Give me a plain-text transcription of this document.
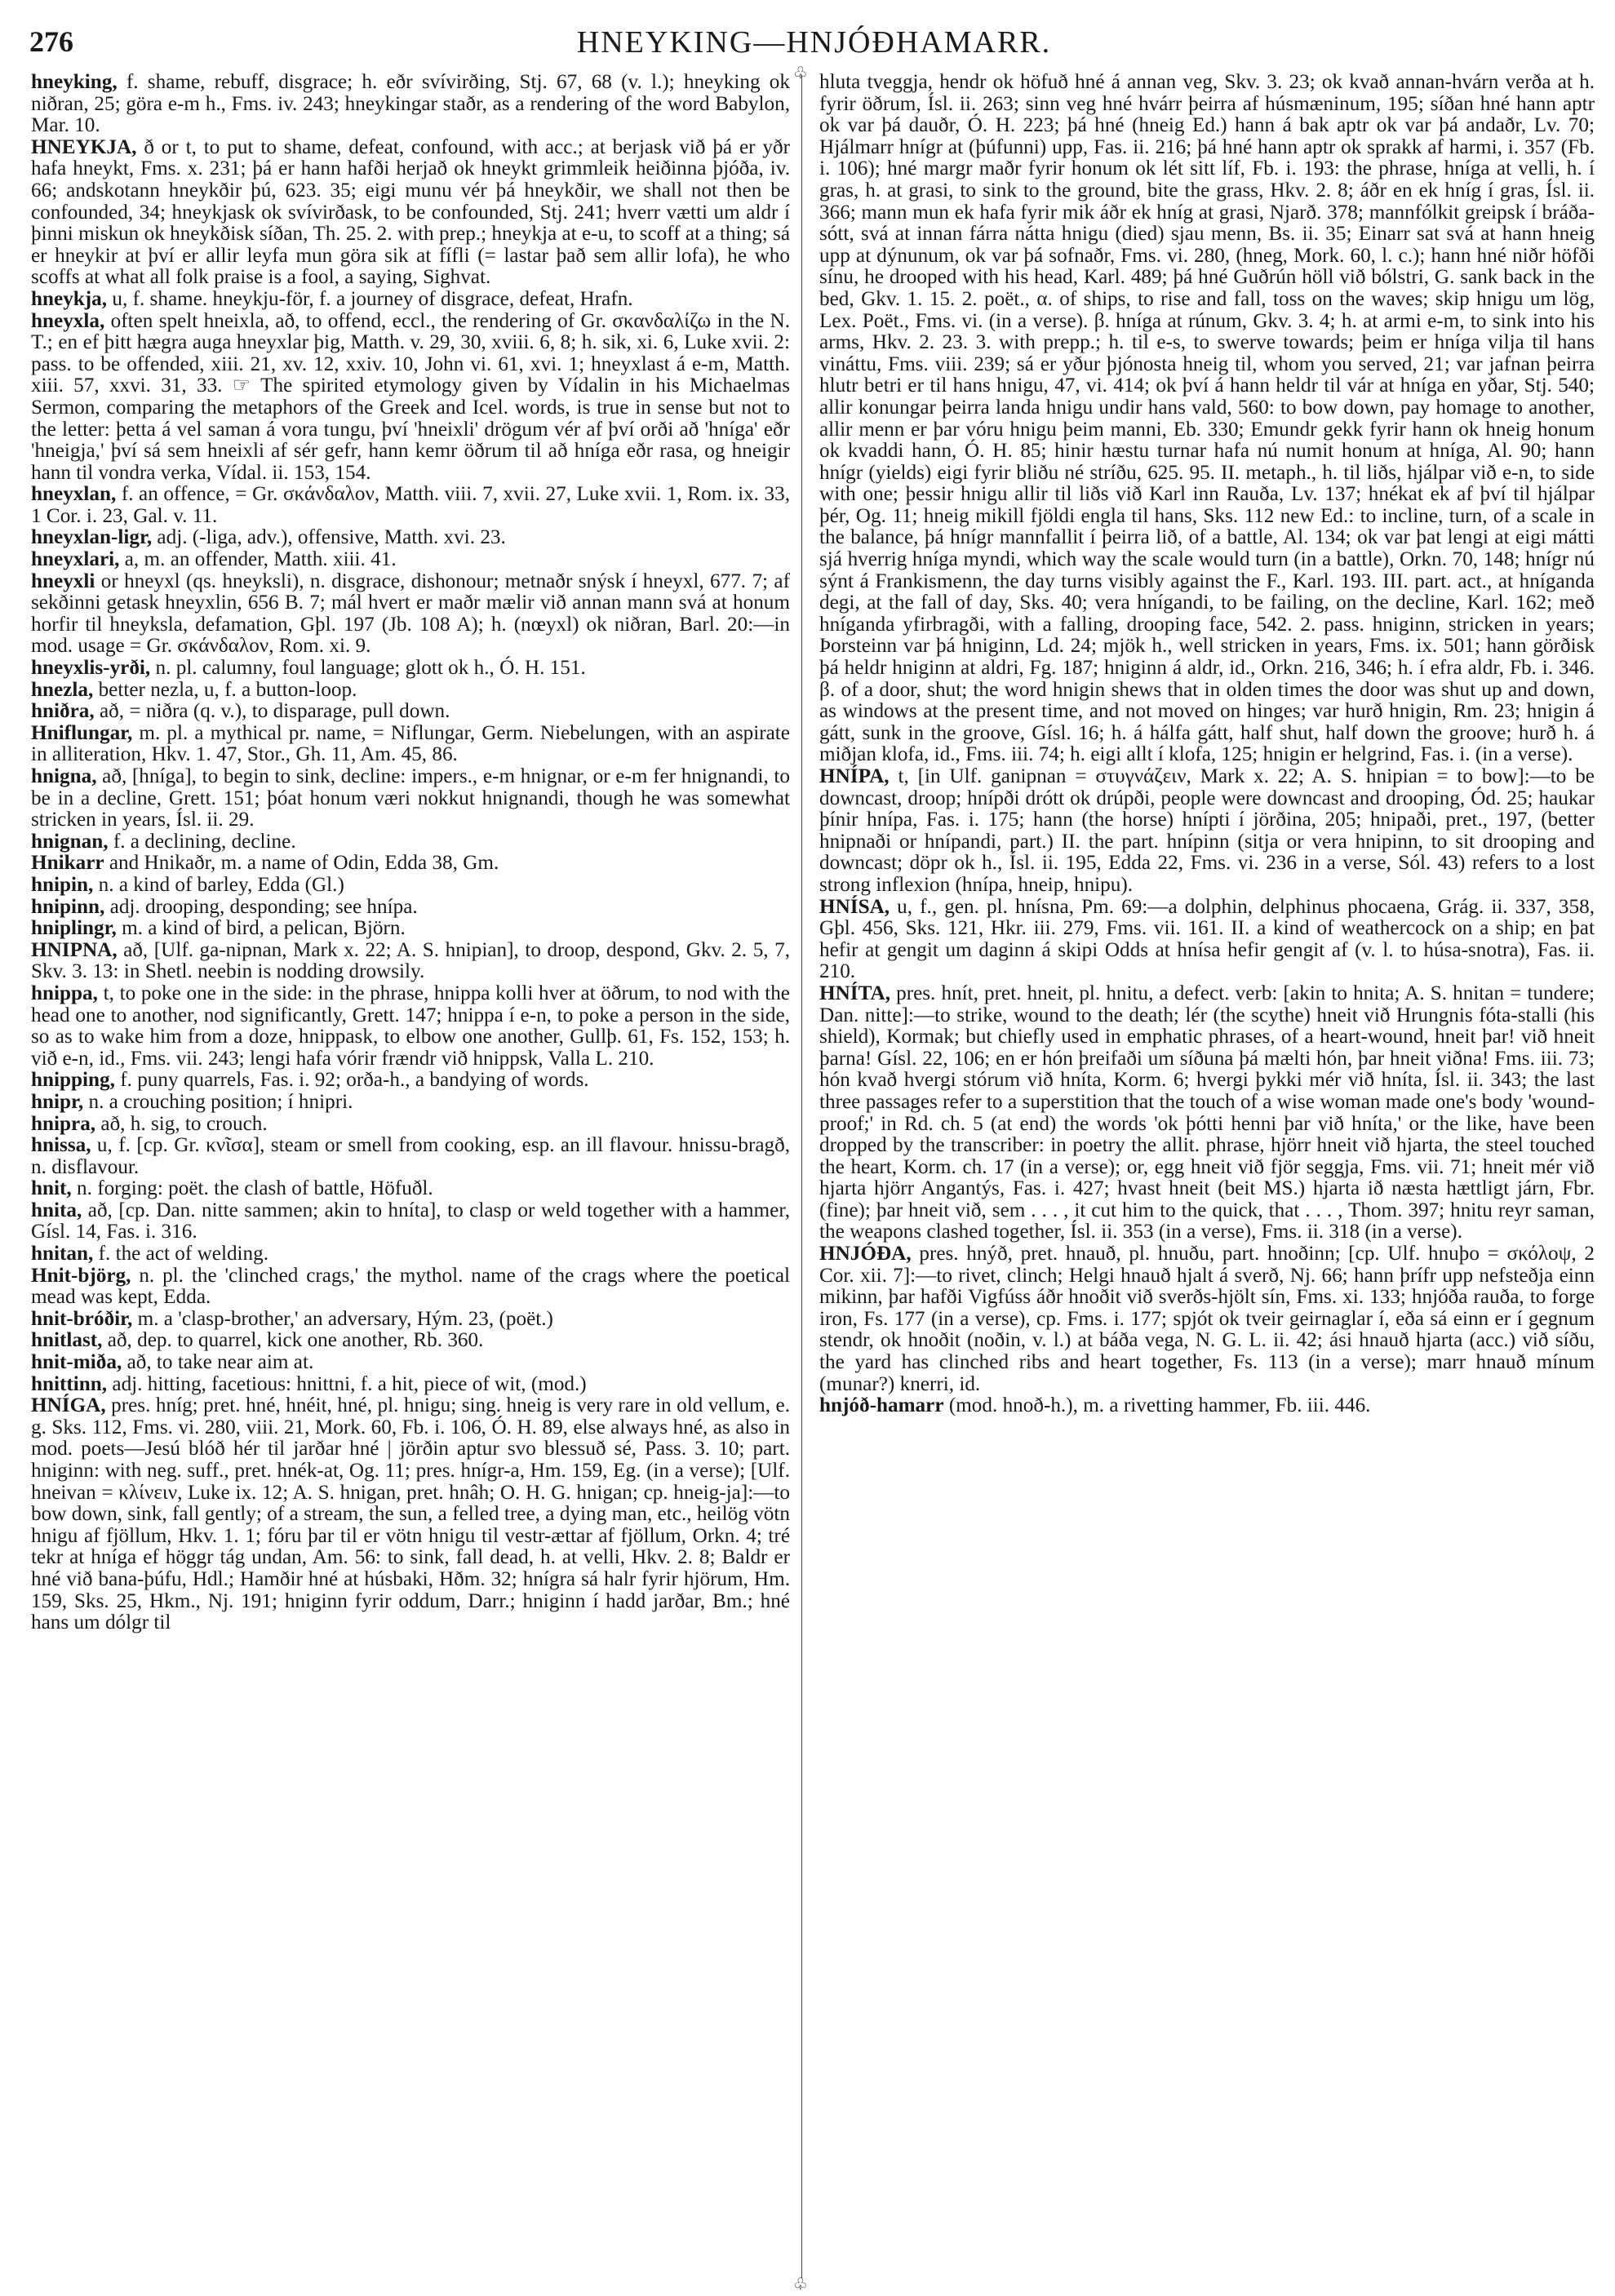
276	HNEYKING—HNJÓÐHAMARR.
♧
♧

hneyking, f. shame, rebuff, disgrace; h. eðr svívirðing, Stj. 67, 68 (v. l.); hneyking ok niðran, 25; göra e-m h., Fms. iv. 243; hneykingar staðr, as a rendering of the word Babylon, Mar. 10.

HNEYKJA, ð or t, to put to shame, defeat, confound, with acc.; at berjask við þá er yðr hafa hneykt, Fms. x. 231; þá er hann hafði herjað ok hneykt grimmleik heiðinna þjóða, iv. 66; andskotann hneykðir þú, 623. 35; eigi munu vér þá hneykðir, we shall not then be confounded, 34; hneykjask ok svívirðask, to be confounded, Stj. 241; hverr vætti um aldr í þinni miskun ok hneykðisk síðan, Th. 25. 2. with prep.; hneykja at e-u, to scoff at a thing; sá er hneykir at því er allir leyfa mun göra sik at fífli (= lastar það sem allir lofa), he who scoffs at what all folk praise is a fool, a saying, Sighvat.

hneykja, u, f. shame. hneykju-för, f. a journey of disgrace, defeat, Hrafn.

hneyxla, often spelt hneixla, að, to offend, eccl., the rendering of Gr. σκανδαλίζω in the N. T.; en ef þitt hægra auga hneyxlar þig, Matth. v. 29, 30, xviii. 6, 8; h. sik, xi. 6, Luke xvii. 2: pass. to be offended, xiii. 21, xv. 12, xxiv. 10, John vi. 61, xvi. 1; hneyxlast á e-m, Matth. xiii. 57, xxvi. 31, 33. ☞ The spirited etymology given by Vídalin in his Michaelmas Sermon, comparing the metaphors of the Greek and Icel. words, is true in sense but not to the letter: þetta á vel saman á vora tungu, því 'hneixli' drögum vér af því orði að 'hníga' eðr 'hneigja,' því sá sem hneixli af sér gefr, hann kemr öðrum til að hníga eðr rasa, og hneigir hann til vondra verka, Vídal. ii. 153, 154.

hneyxlan, f. an offence, = Gr. σκάνδαλον, Matth. viii. 7, xvii. 27, Luke xvii. 1, Rom. ix. 33, 1 Cor. i. 23, Gal. v. 11.

hneyxlan-ligr, adj. (-liga, adv.), offensive, Matth. xvi. 23.

hneyxlari, a, m. an offender, Matth. xiii. 41.

hneyxli or hneyxl (qs. hneyksli), n. disgrace, dishonour; metnaðr snýsk í hneyxl, 677. 7; af sekðinni getask hneyxlin, 656 B. 7; mál hvert er maðr mælir við annan mann svá at honum horfir til hneyksla, defamation, Gþl. 197 (Jb. 108 A); h. (nœyxl) ok niðran, Barl. 20:—in mod. usage = Gr. σκάνδαλον, Rom. xi. 9.

hneyxlis-yrði, n. pl. calumny, foul language; glott ok h., Ó. H. 151.

hnezla, better nezla, u, f. a button-loop.

hniðra, að, = niðra (q. v.), to disparage, pull down.

Hniflungar, m. pl. a mythical pr. name, = Niflungar, Germ. Niebelungen, with an aspirate in alliteration, Hkv. 1. 47, Stor., Gh. 11, Am. 45, 86.

hnigna, að, [hníga], to begin to sink, decline: impers., e-m hnignar, or e-m fer hnignandi, to be in a decline, Grett. 151; þóat honum væri nokkut hnignandi, though he was somewhat stricken in years, Ísl. ii. 29.

hnignan, f. a declining, decline.

Hnikarr and Hnikaðr, m. a name of Odin, Edda 38, Gm.

hnipin, n. a kind of barley, Edda (Gl.)

hnipinn, adj. drooping, desponding; see hnípa.

hniplingr, m. a kind of bird, a pelican, Björn.

HNIPNA, að, [Ulf. ga-nipnan, Mark x. 22; A. S. hnipian], to droop, despond, Gkv. 2. 5, 7, Skv. 3. 13: in Shetl. neebin is nodding drowsily.

hnippa, t, to poke one in the side: in the phrase, hnippa kolli hver at öðrum, to nod with the head one to another, nod significantly, Grett. 147; hnippa í e-n, to poke a person in the side, so as to wake him from a doze, hnippask, to elbow one another, Gullþ. 61, Fs. 152, 153; h. við e-n, id., Fms. vii. 243; lengi hafa vórir frændr við hnippsk, Valla L. 210.

hnipping, f. puny quarrels, Fas. i. 92; orða-h., a bandying of words.

hnipr, n. a crouching position; í hnipri.

hnipra, að, h. sig, to crouch.

hnissa, u, f. [cp. Gr. κνῖσα], steam or smell from cooking, esp. an ill flavour. hnissu-bragð, n. disflavour.

hnit, n. forging: poët. the clash of battle, Höfuðl.

hnita, að, [cp. Dan. nitte sammen; akin to hníta], to clasp or weld together with a hammer, Gísl. 14, Fas. i. 316.

hnitan, f. the act of welding.

Hnit-björg, n. pl. the 'clinched crags,' the mythol. name of the crags where the poetical mead was kept, Edda.

hnit-bróðir, m. a 'clasp-brother,' an adversary, Hým. 23, (poët.)

hnitlast, að, dep. to quarrel, kick one another, Rb. 360.

hnit-miða, að, to take near aim at.

hnittinn, adj. hitting, facetious: hnittni, f. a hit, piece of wit, (mod.)

HNÍGA, pres. hníg; pret. hné, hnéit, hné, pl. hnigu; sing. hneig is very rare in old vellum, e. g. Sks. 112, Fms. vi. 280, viii. 21, Mork. 60, Fb. i. 106, Ó. H. 89, else always hné, as also in mod. poets—Jesú blóð hér til jarðar hné | jörðin aptur svo blessuð sé, Pass. 3. 10; part. hniginn: with neg. suff., pret. hnék-at, Og. 11; pres. hnígr-a, Hm. 159, Eg. (in a verse); [Ulf. hneivan = κλίνειν, Luke ix. 12; A. S. hnigan, pret. hnâh; O. H. G. hnigan; cp. hneig-ja]:—to bow down, sink, fall gently; of a stream, the sun, a felled tree, a dying man, etc., heilög vötn hnigu af fjöllum, Hkv. 1. 1; fóru þar til er vötn hnigu til vestr-ættar af fjöllum, Orkn. 4; tré tekr at hníga ef höggr tág undan, Am. 56: to sink, fall dead, h. at velli, Hkv. 2. 8; Baldr er hné við bana-þúfu, Hdl.; Hamðir hné at húsbaki, Hðm. 32; hnígra sá halr fyrir hjörum, Hm. 159, Sks. 25, Hkm., Nj. 191; hniginn fyrir oddum, Darr.; hniginn í hadd jarðar, Bm.; hné hans um dólgr til

hluta tveggja, hendr ok höfuð hné á annan veg, Skv. 3. 23; ok kvað annan-hvárn verða at h. fyrir öðrum, Ísl. ii. 263; sinn veg hné hvárr þeirra af húsmæninum, 195; síðan hné hann aptr ok var þá dauðr, Ó. H. 223; þá hné (hneig Ed.) hann á bak aptr ok var þá andaðr, Lv. 70; Hjálmarr hnígr at (þúfunni) upp, Fas. ii. 216; þá hné hann aptr ok sprakk af harmi, i. 357 (Fb. i. 106); hné margr maðr fyrir honum ok lét sitt líf, Fb. i. 193: the phrase, hníga at velli, h. í gras, h. at grasi, to sink to the ground, bite the grass, Hkv. 2. 8; áðr en ek hníg í gras, Ísl. ii. 366; mann mun ek hafa fyrir mik áðr ek hníg at grasi, Njarð. 378; mannfólkit greipsk í bráða-sótt, svá at innan fárra nátta hnigu (died) sjau menn, Bs. ii. 35; Einarr sat svá at hann hneig upp at dýnunum, ok var þá sofnaðr, Fms. vi. 280, (hneg, Mork. 60, l. c.); hann hné niðr höfði sínu, he drooped with his head, Karl. 489; þá hné Guðrún höll við bólstri, G. sank back in the bed, Gkv. 1. 15. 2. poët., α. of ships, to rise and fall, toss on the waves; skip hnigu um lög, Lex. Poët., Fms. vi. (in a verse). β. hníga at rúnum, Gkv. 3. 4; h. at armi e-m, to sink into his arms, Hkv. 2. 23. 3. with prepp.; h. til e-s, to swerve towards; þeim er hníga vilja til hans vináttu, Fms. viii. 239; sá er yður þjónosta hneig til, whom you served, 21; var jafnan þeirra hlutr betri er til hans hnigu, 47, vi. 414; ok því á hann heldr til vár at hníga en yðar, Stj. 540; allir konungar þeirra landa hnigu undir hans vald, 560: to bow down, pay homage to another, allir menn er þar vóru hnigu þeim manni, Eb. 330; Emundr gekk fyrir hann ok hneig honum ok kvaddi hann, Ó. H. 85; hinir hæstu turnar hafa nú numit honum at hníga, Al. 90; hann hnígr (yields) eigi fyrir bliðu né stríðu, 625. 95. II. metaph., h. til liðs, hjálpar við e-n, to side with one; þessir hnigu allir til liðs við Karl inn Rauða, Lv. 137; hnékat ek af því til hjálpar þér, Og. 11; hneig mikill fjöldi engla til hans, Sks. 112 new Ed.: to incline, turn, of a scale in the balance, þá hnígr mannfallit í þeirra lið, of a battle, Al. 134; ok var þat lengi at eigi mátti sjá hverrig hníga myndi, which way the scale would turn (in a battle), Orkn. 70, 148; hnígr nú sýnt á Frankismenn, the day turns visibly against the F., Karl. 193. III. part. act., at hníganda degi, at the fall of day, Sks. 40; vera hnígandi, to be failing, on the decline, Karl. 162; með hníganda yfirbragði, with a falling, drooping face, 542. 2. pass. hniginn, stricken in years; Þorsteinn var þá hniginn, Ld. 24; mjök h., well stricken in years, Fms. ix. 501; hann görðisk þá heldr hniginn at aldri, Fg. 187; hniginn á aldr, id., Orkn. 216, 346; h. í efra aldr, Fb. i. 346. β. of a door, shut; the word hnigin shews that in olden times the door was shut up and down, as windows at the present time, and not moved on hinges; var hurð hnigin, Rm. 23; hnigin á gátt, sunk in the groove, Gísl. 16; h. á hálfa gátt, half shut, half down the groove; hurð h. á miðjan klofa, id., Fms. iii. 74; h. eigi allt í klofa, 125; hnigin er helgrind, Fas. i. (in a verse).

HNÍPA, t, [in Ulf. ganipnan = στυγνάζειν, Mark x. 22; A. S. hnipian = to bow]:—to be downcast, droop; hnípði drótt ok drúpði, people were downcast and drooping, Ód. 25; haukar þínir hnípa, Fas. i. 175; hann (the horse) hnípti í jörðina, 205; hnipaði, pret., 197, (better hnipnaði or hnípandi, part.) II. the part. hnípinn (sitja or vera hnipinn, to sit drooping and downcast; döpr ok h., Ísl. ii. 195, Edda 22, Fms. vi. 236 in a verse, Sól. 43) refers to a lost strong inflexion (hnípa, hneip, hnipu).

HNÍSA, u, f., gen. pl. hnísna, Pm. 69:—a dolphin, delphinus phocaena, Grág. ii. 337, 358, Gþl. 456, Sks. 121, Hkr. iii. 279, Fms. vii. 161. II. a kind of weathercock on a ship; en þat hefir at gengit um daginn á skipi Odds at hnísa hefir gengit af (v. l. to húsa-snotra), Fas. ii. 210.

HNÍTA, pres. hnít, pret. hneit, pl. hnitu, a defect. verb: [akin to hnita; A. S. hnitan = tundere; Dan. nitte]:—to strike, wound to the death; lér (the scythe) hneit við Hrungnis fóta-stalli (his shield), Kormak; but chiefly used in emphatic phrases, of a heart-wound, hneit þar! við hneit þarna! Gísl. 22, 106; en er hón þreifaði um síðuna þá mælti hón, þar hneit viðna! Fms. iii. 73; hón kvað hvergi stórum við hníta, Korm. 6; hvergi þykki mér við hníta, Ísl. ii. 343; the last three passages refer to a superstition that the touch of a wise woman made one's body 'wound-proof;' in Rd. ch. 5 (at end) the words 'ok þótti henni þar við hníta,' or the like, have been dropped by the transcriber: in poetry the allit. phrase, hjörr hneit við hjarta, the steel touched the heart, Korm. ch. 17 (in a verse); or, egg hneit við fjör seggja, Fms. vii. 71; hneit mér við hjarta hjörr Angantýs, Fas. i. 427; hvast hneit (beit MS.) hjarta ið næsta hættligt járn, Fbr. (fine); þar hneit við, sem . . . , it cut him to the quick, that . . . , Thom. 397; hnitu reyr saman, the weapons clashed together, Ísl. ii. 353 (in a verse), Fms. ii. 318 (in a verse).

HNJÓÐA, pres. hnýð, pret. hnauð, pl. hnuðu, part. hnoðinn; [cp. Ulf. hnuþo = σκόλοψ, 2 Cor. xii. 7]:—to rivet, clinch; Helgi hnauð hjalt á sverð, Nj. 66; hann þrífr upp nefsteðja einn mikinn, þar hafði Vigfúss áðr hnoðit við sverðs-hjölt sín, Fms. xi. 133; hnjóða rauða, to forge iron, Fs. 177 (in a verse), cp. Fms. i. 177; spjót ok tveir geirnaglar í, eða sá einn er í gegnum stendr, ok hnoðit (noðin, v. l.) at báða vega, N. G. L. ii. 42; ási hnauð hjarta (acc.) við síðu, the yard has clinched ribs and heart together, Fs. 113 (in a verse); marr hnauð mínum (munar?) knerri, id.

hnjóð-hamarr (mod. hnoð-h.), m. a rivetting hammer, Fb. iii. 446.
